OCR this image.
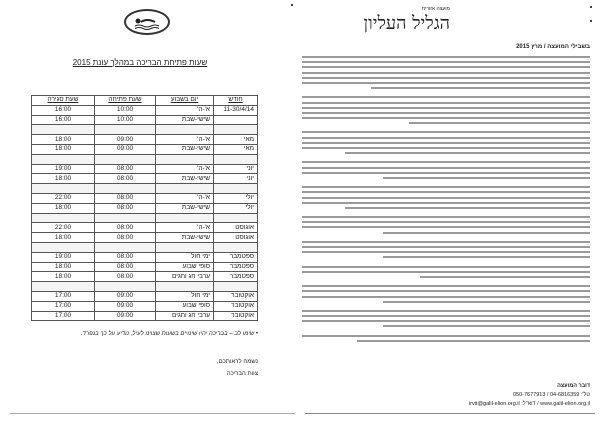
שעות פתיחת הבריכה במהלך עונת 2015
חודש	יום בשבוע	שעת פתיחה	שעת סגירה
11-30/4/14	א'-ה'	10:00	16:00
	שישי-שבת	10:00	16:00

מאי	א'-ה'	09:00	18:00
מאי	שישי-שבת	09:00	18:00

יוני	א'-ה'	08:00	19:00
יוני	שישי-שבת	08:00	18:00

יולי	א'-ה'	08:00	22:00
יולי	שישי-שבת	08:00	18:00

אוגוסט	א'-ה'	08:00	22:00
אוגוסט	שישי-שבת	08:00	18:00

ספטמבר	ימי חול	08:00	19:00
ספטמבר	סופי שבוע	08:00	18:00
ספטמבר	ערבי חג וחגים	08:00	18:00

אוקטובר	ימי חול	09:00	17:00
אוקטובר	סופי שבוע	09:00	17:00
אוקטובר	ערבי חג וחגים	09:00	17:00
• שימו לב – בבריכה יהיו שינויים בשעות שצוינו לעיל, נודיע על כך בנפרד.
נשמח לראותכם,
צוות הבריכה
מועצה אזורית
הגליל העליון
בשבילי המועצה / מרץ 2015
דובר המועצה
טל': 04-6816359 / 050-7677913
www.galil-elion.org.il / דוא"ל: irvit@galil-elion.org.il
